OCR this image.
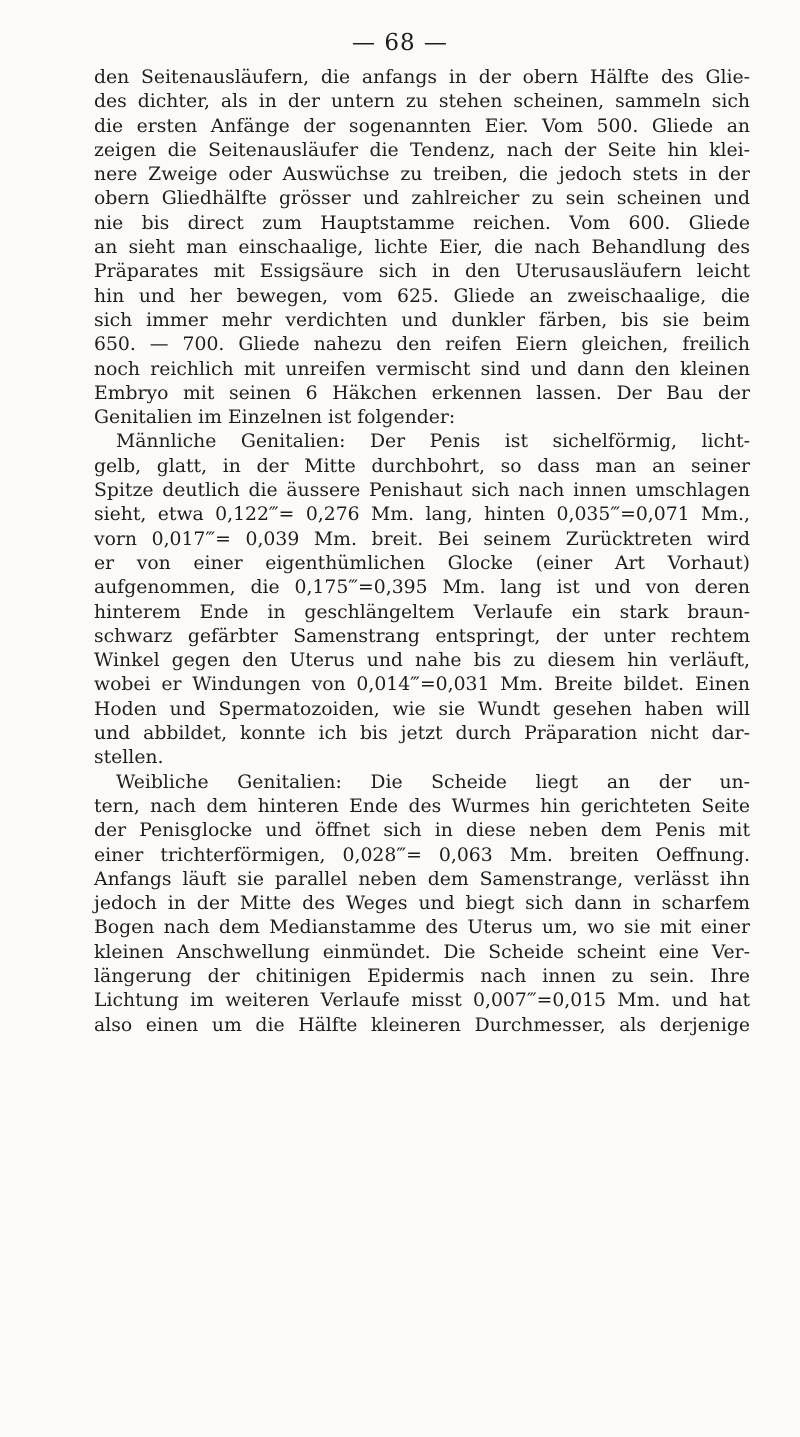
— 68 —
den Seitenausläufern, die anfangs in der obern Hälfte des Glie-
des dichter, als in der untern zu stehen scheinen, sammeln sich
die ersten Anfänge der sogenannten Eier. Vom 500. Gliede an
zeigen die Seitenausläufer die Tendenz, nach der Seite hin klei-
nere Zweige oder Auswüchse zu treiben, die jedoch stets in der
obern Gliedhälfte grösser und zahlreicher zu sein scheinen und
nie bis direct zum Hauptstamme reichen. Vom 600. Gliede
an sieht man einschaalige, lichte Eier, die nach Behandlung des
Präparates mit Essigsäure sich in den Uterusausläufern leicht
hin und her bewegen, vom 625. Gliede an zweischaalige, die
sich immer mehr verdichten und dunkler färben, bis sie beim
650. — 700. Gliede nahezu den reifen Eiern gleichen, freilich
noch reichlich mit unreifen vermischt sind und dann den kleinen
Embryo mit seinen 6 Häkchen erkennen lassen. Der Bau der
Genitalien im Einzelnen ist folgender:
Männliche Genitalien: Der Penis ist sichelförmig, licht-
gelb, glatt, in der Mitte durchbohrt, so dass man an seiner
Spitze deutlich die äussere Penishaut sich nach innen umschlagen
sieht, etwa 0,122‴= 0,276 Mm. lang, hinten 0,035‴=0,071 Mm.,
vorn 0,017‴= 0,039 Mm. breit. Bei seinem Zurücktreten wird
er von einer eigenthümlichen Glocke (einer Art Vorhaut)
aufgenommen, die 0,175‴=0,395 Mm. lang ist und von deren
hinterem Ende in geschlängeltem Verlaufe ein stark braun-
schwarz gefärbter Samenstrang entspringt, der unter rechtem
Winkel gegen den Uterus und nahe bis zu diesem hin verläuft,
wobei er Windungen von 0,014‴=0,031 Mm. Breite bildet. Einen
Hoden und Spermatozoiden, wie sie Wundt gesehen haben will
und abbildet, konnte ich bis jetzt durch Präparation nicht dar-
stellen.
Weibliche Genitalien: Die Scheide liegt an der un-
tern, nach dem hinteren Ende des Wurmes hin gerichteten Seite
der Penisglocke und öffnet sich in diese neben dem Penis mit
einer trichterförmigen, 0,028‴= 0,063 Mm. breiten Oeffnung.
Anfangs läuft sie parallel neben dem Samenstrange, verlässt ihn
jedoch in der Mitte des Weges und biegt sich dann in scharfem
Bogen nach dem Medianstamme des Uterus um, wo sie mit einer
kleinen Anschwellung einmündet. Die Scheide scheint eine Ver-
längerung der chitinigen Epidermis nach innen zu sein. Ihre
Lichtung im weiteren Verlaufe misst 0,007‴=0,015 Mm. und hat
also einen um die Hälfte kleineren Durchmesser, als derjenige
